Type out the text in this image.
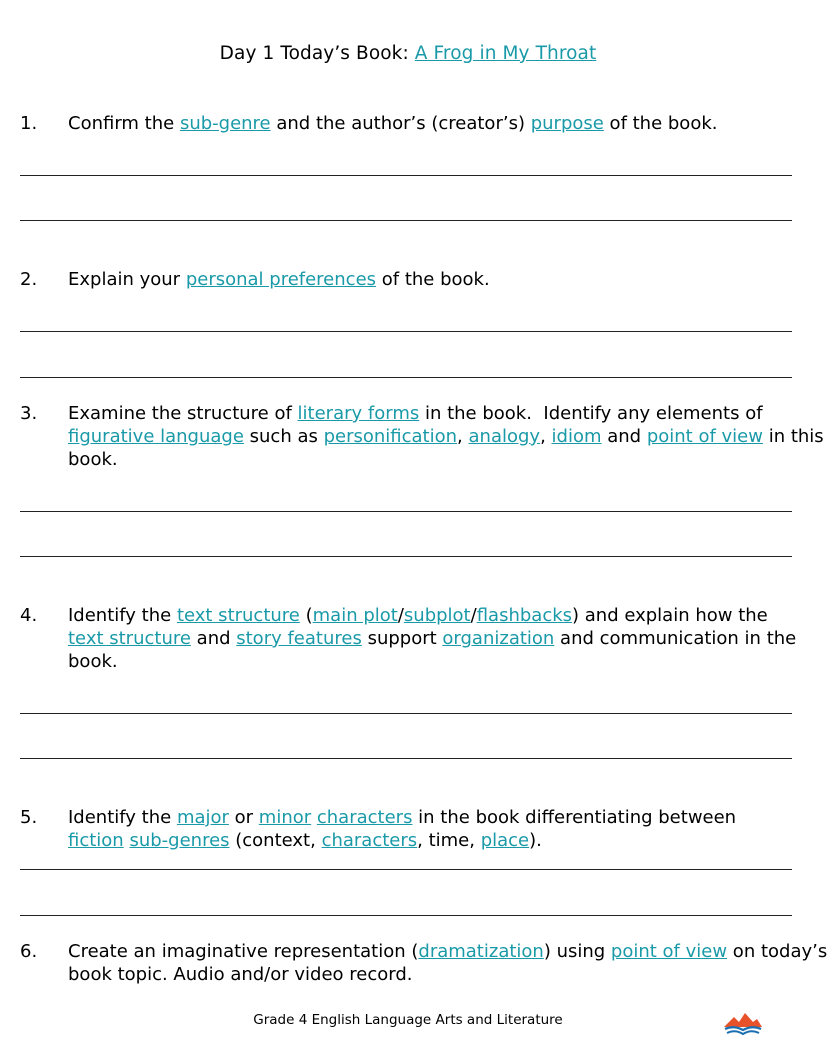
Day 1 Today’s Book: A Frog in My Throat
1. Confirm the sub-genre and the author’s (creator’s) purpose of the book.
2. Explain your personal preferences of the book.
3. Examine the structure of literary forms in the book.  Identify any elements of
figurative language such as personification, analogy, idiom and point of view in this
book.
4. Identify the text structure (main plot/subplot/flashbacks) and explain how the
text structure and story features support organization and communication in the
book.
5. Identify the major or minor characters in the book differentiating between
fiction sub-genres (context, characters, time, place).
6. Create an imaginative representation (dramatization) using point of view on today’s
book topic. Audio and/or video record.
Grade 4 English Language Arts and Literature
